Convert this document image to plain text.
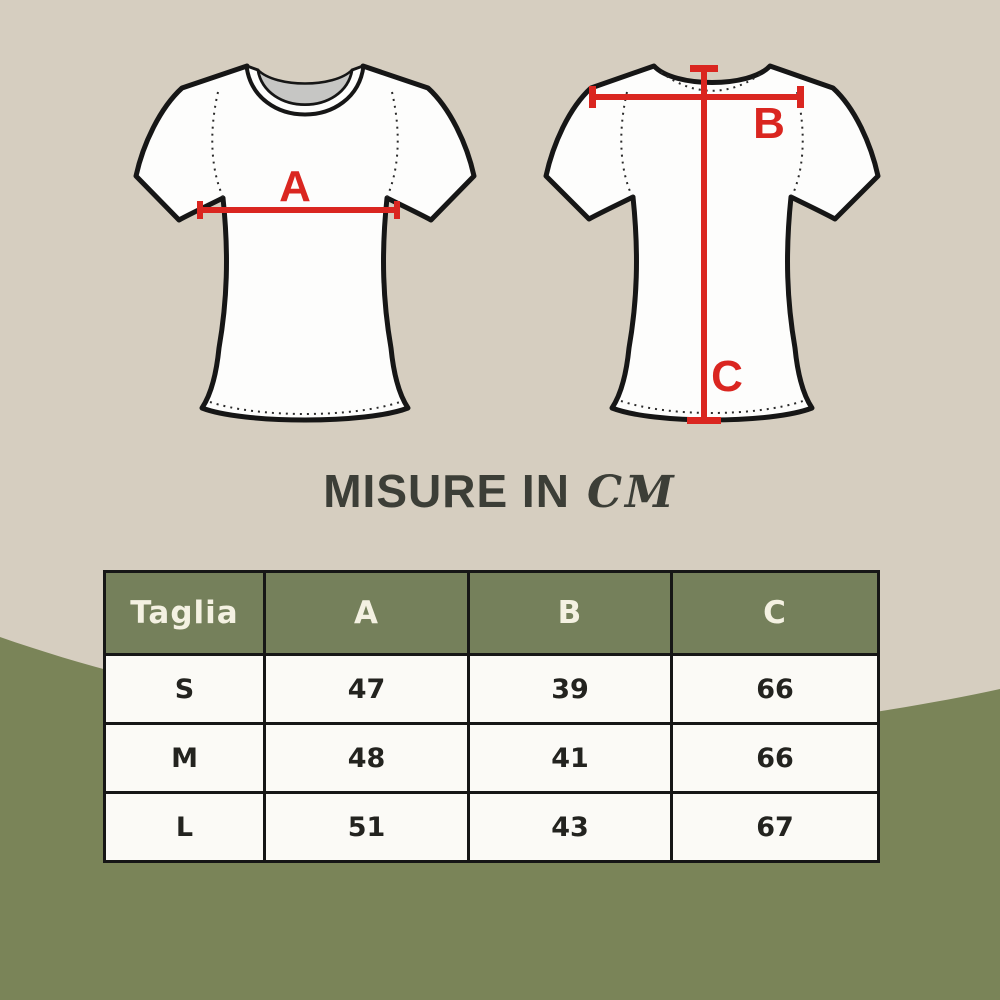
A
B
C
MISURE IN CM
Taglia	A	B	C
S	47	39	66
M	48	41	66
L	51	43	67
